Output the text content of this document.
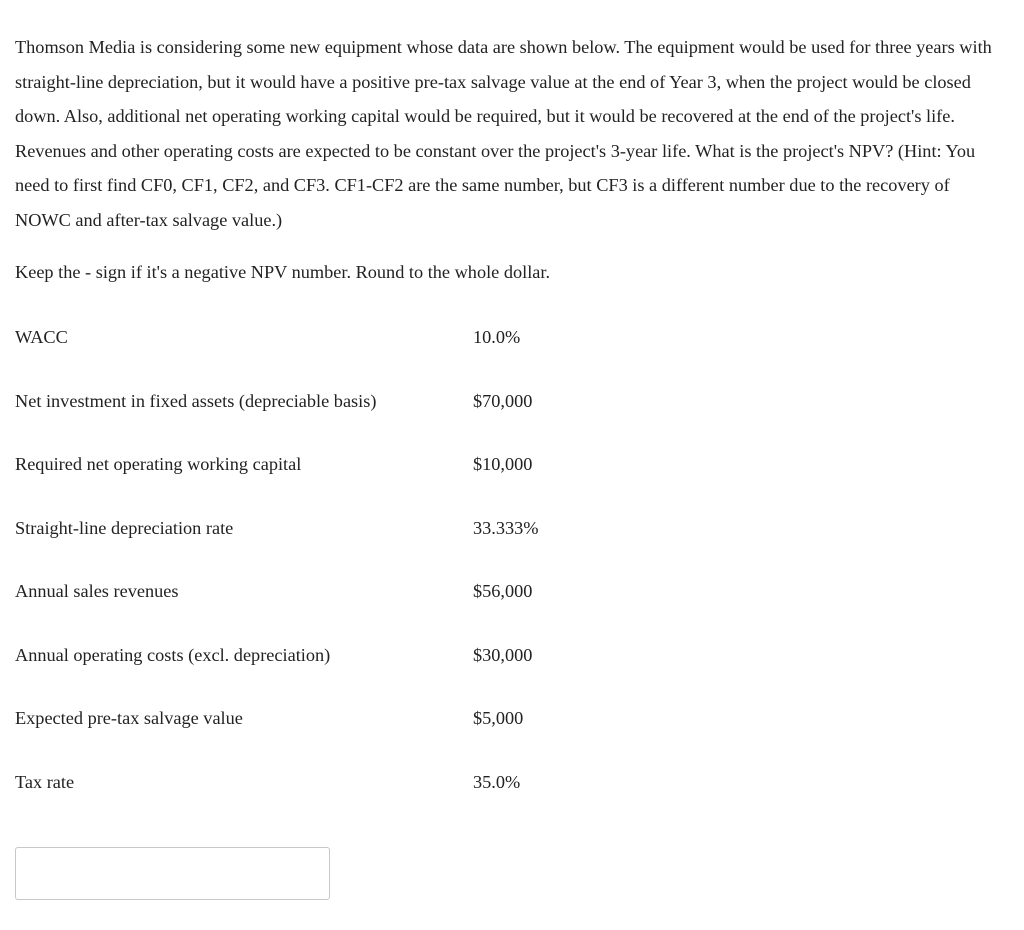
Thomson Media is considering some new equipment whose data are shown below. The equipment would be used for three years with straight-line depreciation, but it would have a positive pre-tax salvage value at the end of Year 3, when the project would be closed down. Also, additional net operating working capital would be required, but it would be recovered at the end of the project's life. Revenues and other operating costs are expected to be constant over the project's 3-year life. What is the project's NPV? (Hint: You need to first find CF0, CF1, CF2, and CF3. CF1-CF2 are the same number, but CF3 is a different number due to the recovery of NOWC and after-tax salvage value.)

Keep the - sign if it's a negative NPV number. Round to the whole dollar.

WACC	10.0%
Net investment in fixed assets (depreciable basis)	$70,000
Required net operating working capital	$10,000
Straight-line depreciation rate	33.333%
Annual sales revenues	$56,000
Annual operating costs (excl. depreciation)	$30,000
Expected pre-tax salvage value	$5,000
Tax rate	35.0%
